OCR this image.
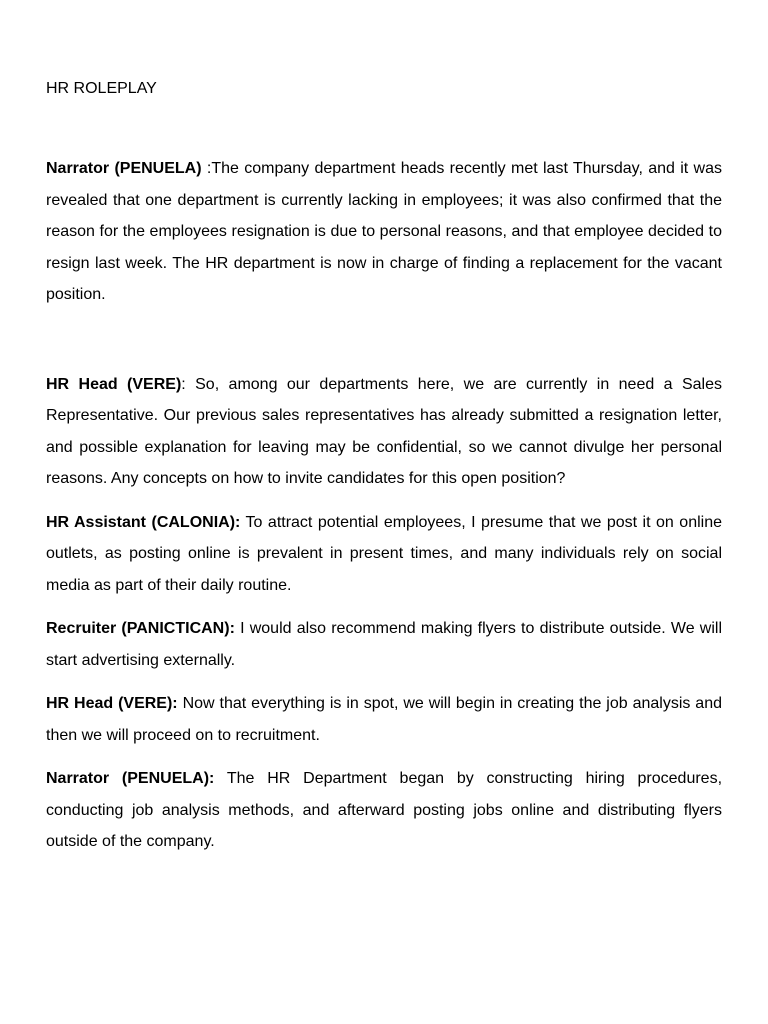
HR ROLEPLAY

Narrator (PENUELA) :The company department heads recently met last Thursday, and it was revealed that one department is currently lacking in employees; it was also confirmed that the reason for the employees resignation is due to personal reasons, and that employee decided to resign last week. The HR department is now in charge of finding a replacement for the vacant position.

HR Head (VERE): So, among our departments here, we are currently in need a Sales Representative. Our previous sales representatives has already submitted a resignation letter, and possible explanation for leaving may be confidential, so we cannot divulge her personal reasons. Any concepts on how to invite candidates for this open position?

HR Assistant (CALONIA): To attract potential employees, I presume that we post it on online outlets, as posting online is prevalent in present times, and many individuals rely on social media as part of their daily routine.

Recruiter (PANICTICAN): I would also recommend making flyers to distribute outside. We will start advertising externally.

HR Head (VERE): Now that everything is in spot, we will begin in creating the job analysis and then we will proceed on to recruitment.

Narrator (PENUELA): The HR Department began by constructing hiring procedures, conducting job analysis methods, and afterward posting jobs online and distributing flyers outside of the company.
